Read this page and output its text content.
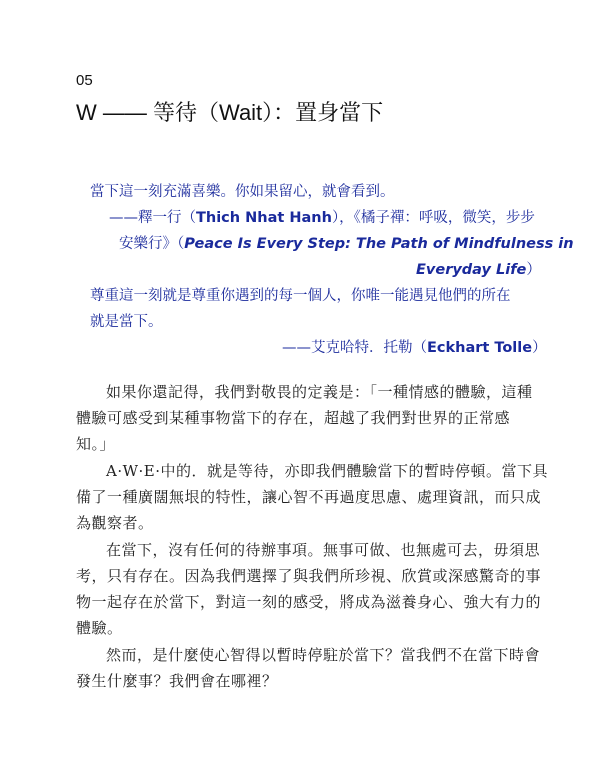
05
W —— 等待（Wait）：置身當下
當下這一刻充滿喜樂。你如果留心，就會看到。
——釋一行（Thich Nhat Hanh），《橘子禪：呼吸，微笑，步步
安樂行》（Peace Is Every Step: The Path of Mindfulness in
Everyday Life）
尊重這一刻就是尊重你遇到的每一個人，你唯一能遇見他們的所在
就是當下。
——艾克哈特．托勒（Eckhart Tolle）
如果你還記得，我們對敬畏的定義是：「一種情感的體驗，這種
體驗可感受到某種事物當下的存在，超越了我們對世界的正常感
知。」
A·W·E·中的．就是等待，亦即我們體驗當下的暫時停頓。當下具
備了一種廣闊無垠的特性，讓心智不再過度思慮、處理資訊，而只成
為觀察者。
在當下，沒有任何的待辦事項。無事可做、也無處可去，毋須思
考，只有存在。因為我們選擇了與我們所珍視、欣賞或深感驚奇的事
物一起存在於當下，對這一刻的感受，將成為滋養身心、強大有力的
體驗。
然而，是什麼使心智得以暫時停駐於當下？當我們不在當下時會
發生什麼事？我們會在哪裡？
